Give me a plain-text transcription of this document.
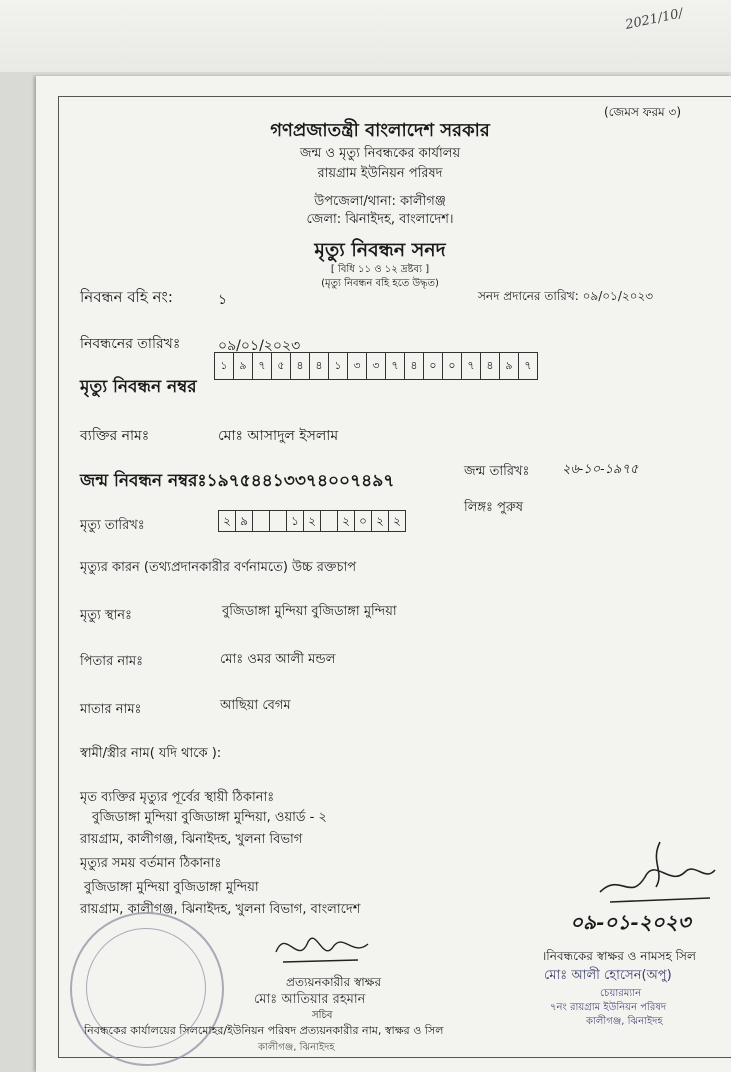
2021/10/
(জেমস ফরম ৩)
গণপ্রজাতন্ত্রী বাংলাদেশ সরকার
জন্ম ও মৃত্যু নিবন্ধকের কার্যালয়
রায়গ্রাম ইউনিয়ন পরিষদ
উপজেলা/থানা: কালীগঞ্জ
জেলা: ঝিনাইদহ, বাংলাদেশ।
মৃত্যু নিবন্ধন সনদ
[ বিধি ১১ ও ১২ দ্রষ্টব্য ]
(মৃত্যু নিবন্ধন বহি হতে উদ্ধৃত)
নিবন্ধন বহি নং:	১	সনদ প্রদানের তারিখ: ০৯/০১/২০২৩
নিবন্ধনের তারিখঃ	০৯/০১/২০২৩
মৃত্যু নিবন্ধন নম্বর
১	৯	৭	৫	৪	৪	১	৩	৩	৭	৪	০	০	৭	৪	৯	৭
ব্যক্তির নামঃ	মোঃ আসাদুল ইসলাম
জন্ম নিবন্ধন নম্বরঃ১৯৭৫৪৪১৩৩৭৪০০৭৪৯৭	জন্ম তারিখঃ	২৬-১০-১৯৭৫
লিঙ্গঃ পুরুষ
মৃত্যু তারিখঃ	২ ৯	১ ২	২ ০ ২ ২
মৃত্যুর কারন (তথ্যপ্রদানকারীর বর্ণনামতে) উচ্চ রক্তচাপ
মৃত্যু স্থানঃ	বুজিডাঙ্গা মুন্দিয়া বুজিডাঙ্গা মুন্দিয়া
পিতার নামঃ	মোঃ ওমর আলী মন্ডল
মাতার নামঃ	আছিয়া বেগম
স্বামী/স্ত্রীর নাম( যদি থাকে ):
মৃত ব্যক্তির মৃত্যুর পূর্বের স্থায়ী ঠিকানাঃ
বুজিডাঙ্গা মুন্দিয়া বুজিডাঙ্গা মুন্দিয়া, ওয়ার্ড - ২
রায়গ্রাম, কালীগঞ্জ, ঝিনাইদহ, খুলনা বিভাগ
মৃত্যুর সময় বর্তমান ঠিকানাঃ
বুজিডাঙ্গা মুন্দিয়া বুজিডাঙ্গা মুন্দিয়া
রায়গ্রাম, কালীগঞ্জ, ঝিনাইদহ, খুলনা বিভাগ, বাংলাদেশ
০৯-০১-২০২৩
।নিবন্ধকের স্বাক্ষর ও নামসহ সিল
মোঃ আলী হোসেন(অপু)
চেয়ারম্যান
৭নং রায়গ্রাম ইউনিয়ন পরিষদ
কালীগঞ্জ, ঝিনাইদহ
প্রত্যয়নকারীর স্বাক্ষর
মোঃ আতিয়ার রহমান
সচিব
নিবন্ধকের কার্যালয়ের সিলমোহর/ইউনিয়ন পরিষদ প্রত্যয়নকারীর নাম, স্বাক্ষর ও সিল
কালীগঞ্জ, ঝিনাইদহ
